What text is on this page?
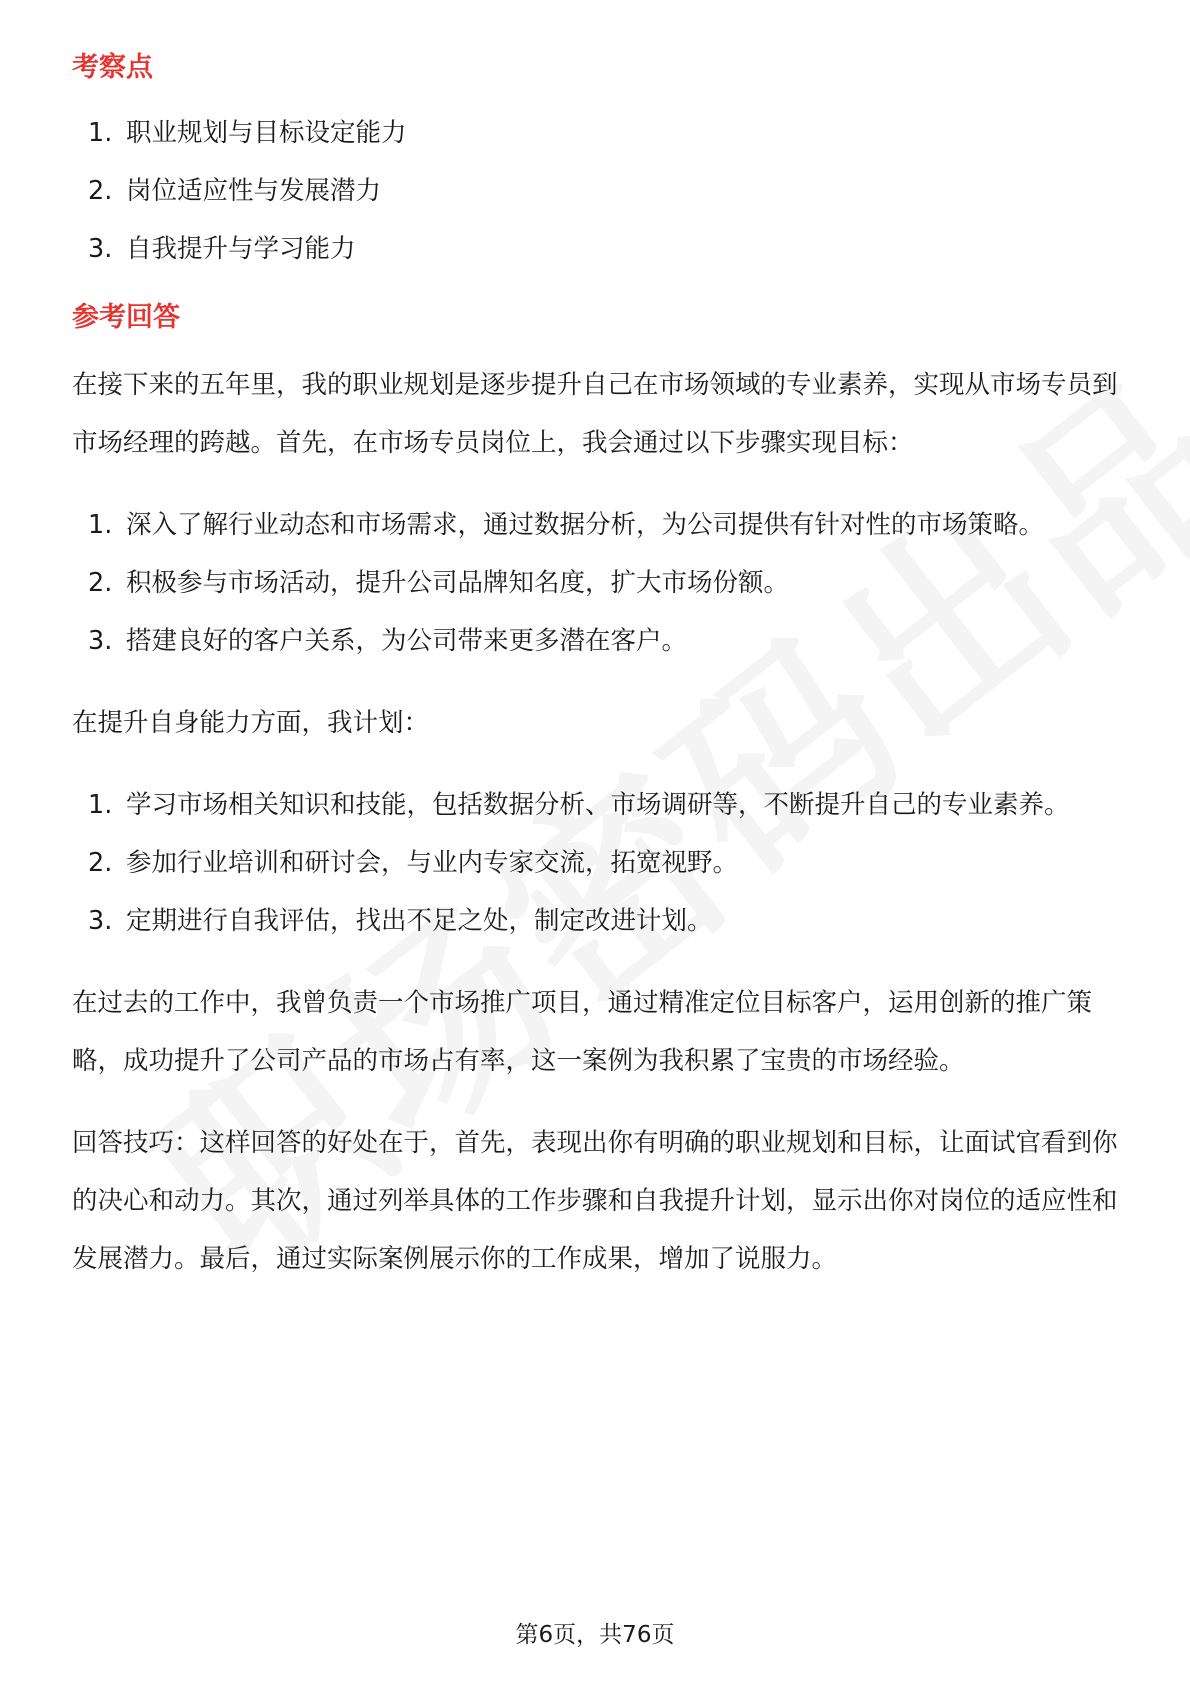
考察点
1. 职业规划与目标设定能力
2. 岗位适应性与发展潜力
3. 自我提升与学习能力
参考回答

在接下来的五年里，我的职业规划是逐步提升自己在市场领域的专业素养，实现从市场专员到市场经理的跨越。首先，在市场专员岗位上，我会通过以下步骤实现目标：

1. 深入了解行业动态和市场需求，通过数据分析，为公司提供有针对性的市场策略。
2. 积极参与市场活动，提升公司品牌知名度，扩大市场份额。
3. 搭建良好的客户关系，为公司带来更多潜在客户。

在提升自身能力方面，我计划：

1. 学习市场相关知识和技能，包括数据分析、市场调研等，不断提升自己的专业素养。
2. 参加行业培训和研讨会，与业内专家交流，拓宽视野。
3. 定期进行自我评估，找出不足之处，制定改进计划。

在过去的工作中，我曾负责一个市场推广项目，通过精准定位目标客户，运用创新的推广策略，成功提升了公司产品的市场占有率，这一案例为我积累了宝贵的市场经验。

回答技巧：这样回答的好处在于，首先，表现出你有明确的职业规划和目标，让面试官看到你的决心和动力。其次，通过列举具体的工作步骤和自我提升计划，显示出你对岗位的适应性和发展潜力。最后，通过实际案例展示你的工作成果，增加了说服力。

第6页，共76页
